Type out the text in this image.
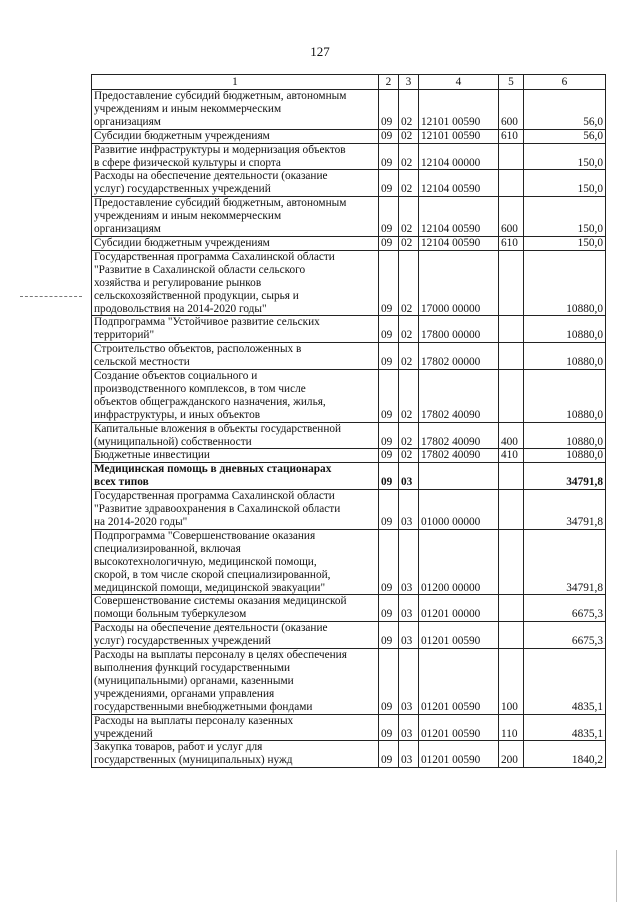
127
1	2	3	4	5	6
Предоставление субсидий бюджетным, автономным
учреждениям и иным некоммерческим
организациям	09	02	12101 00590	600	56,0
Субсидии бюджетным учреждениям	09	02	12101 00590	610	56,0
Развитие инфраструктуры и модернизация объектов
в сфере физической культуры и спорта	09	02	12104 00000		150,0
Расходы на обеспечение деятельности (оказание
услуг) государственных учреждений	09	02	12104 00590		150,0
Предоставление субсидий бюджетным, автономным
учреждениям и иным некоммерческим
организациям	09	02	12104 00590	600	150,0
Субсидии бюджетным учреждениям	09	02	12104 00590	610	150,0
Государственная программа Сахалинской области
"Развитие в Сахалинской области сельского
хозяйства и регулирование рынков
сельскохозяйственной продукции, сырья и
продовольствия на 2014-2020 годы"	09	02	17000 00000		10880,0
Подпрограмма "Устойчивое развитие сельских
территорий"	09	02	17800 00000		10880,0
Строительство объектов, расположенных в
сельской местности	09	02	17802 00000		10880,0
Создание объектов социального и
производственного комплексов, в том числе
объектов общегражданского назначения, жилья,
инфраструктуры, и иных объектов	09	02	17802 40090		10880,0
Капитальные вложения в объекты государственной
(муниципальной) собственности	09	02	17802 40090	400	10880,0
Бюджетные инвестиции	09	02	17802 40090	410	10880,0
Медицинская помощь в дневных стационарах
всех типов	09	03			34791,8
Государственная программа Сахалинской области
"Развитие здравоохранения в Сахалинской области
на 2014-2020 годы"	09	03	01000 00000		34791,8
Подпрограмма "Совершенствование оказания
специализированной, включая
высокотехнологичную, медицинской помощи,
скорой, в том числе скорой специализированной,
медицинской помощи, медицинской эвакуации"	09	03	01200 00000		34791,8
Совершенствование системы оказания медицинской
помощи больным туберкулезом	09	03	01201 00000		6675,3
Расходы на обеспечение деятельности (оказание
услуг) государственных учреждений	09	03	01201 00590		6675,3
Расходы на выплаты персоналу в целях обеспечения
выполнения функций государственными
(муниципальными) органами, казенными
учреждениями, органами управления
государственными внебюджетными фондами	09	03	01201 00590	100	4835,1
Расходы на выплаты персоналу казенных
учреждений	09	03	01201 00590	110	4835,1
Закупка товаров, работ и услуг для
государственных (муниципальных) нужд	09	03	01201 00590	200	1840,2
